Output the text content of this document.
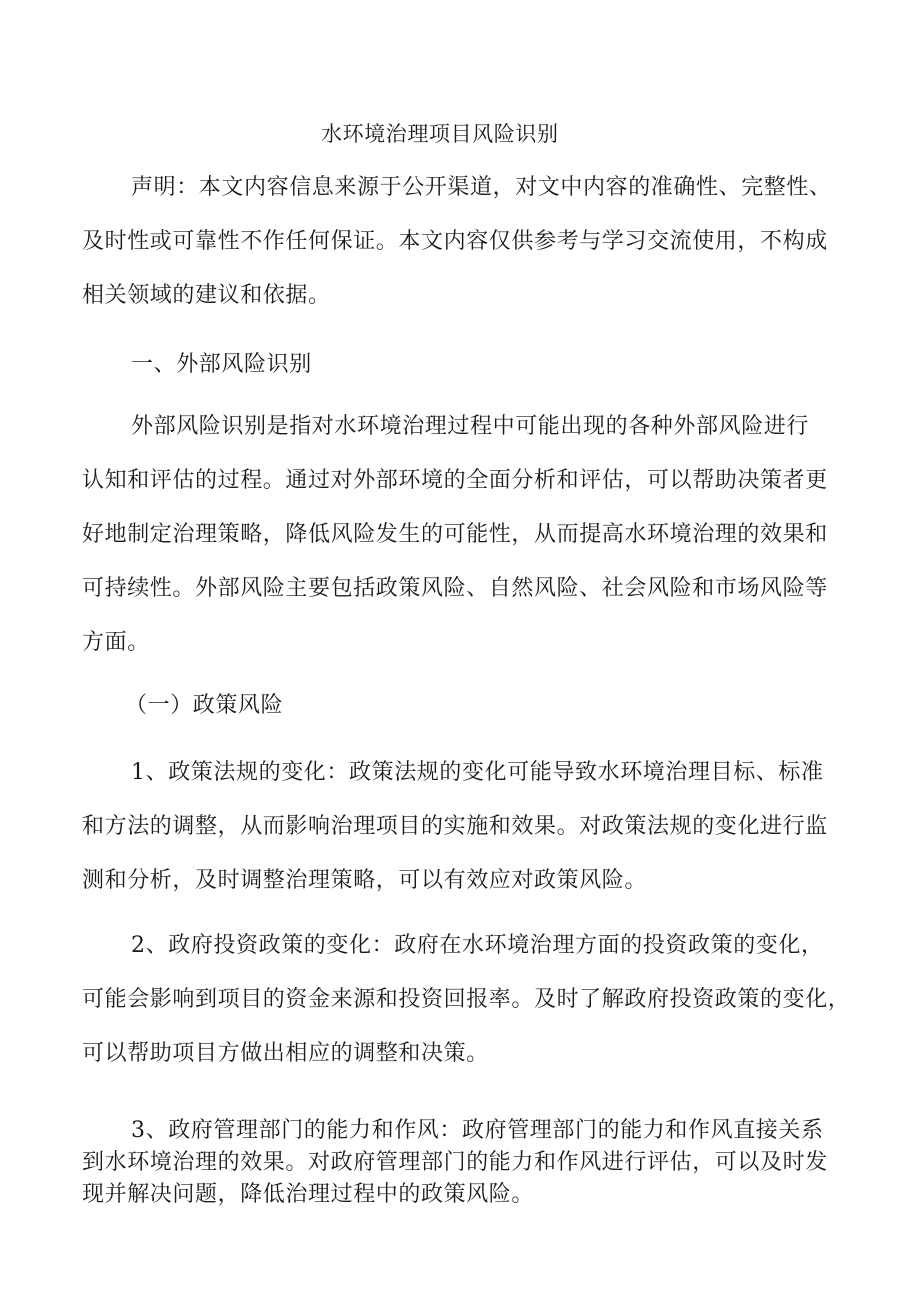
水环境治理项目风险识别
声明：本文内容信息来源于公开渠道，对文中内容的准确性、完整性、
及时性或可靠性不作任何保证。本文内容仅供参考与学习交流使用，不构成
相关领域的建议和依据。
一、外部风险识别
外部风险识别是指对水环境治理过程中可能出现的各种外部风险进行
认知和评估的过程。通过对外部环境的全面分析和评估，可以帮助决策者更
好地制定治理策略，降低风险发生的可能性，从而提高水环境治理的效果和
可持续性。外部风险主要包括政策风险、自然风险、社会风险和市场风险等
方面。
（一）政策风险
1、政策法规的变化：政策法规的变化可能导致水环境治理目标、标准
和方法的调整，从而影响治理项目的实施和效果。对政策法规的变化进行监
测和分析，及时调整治理策略，可以有效应对政策风险。
2、政府投资政策的变化：政府在水环境治理方面的投资政策的变化，
可能会影响到项目的资金来源和投资回报率。及时了解政府投资政策的变化，
可以帮助项目方做出相应的调整和决策。
3、政府管理部门的能力和作风：政府管理部门的能力和作风直接关系
到水环境治理的效果。对政府管理部门的能力和作风进行评估，可以及时发
现并解决问题，降低治理过程中的政策风险。
